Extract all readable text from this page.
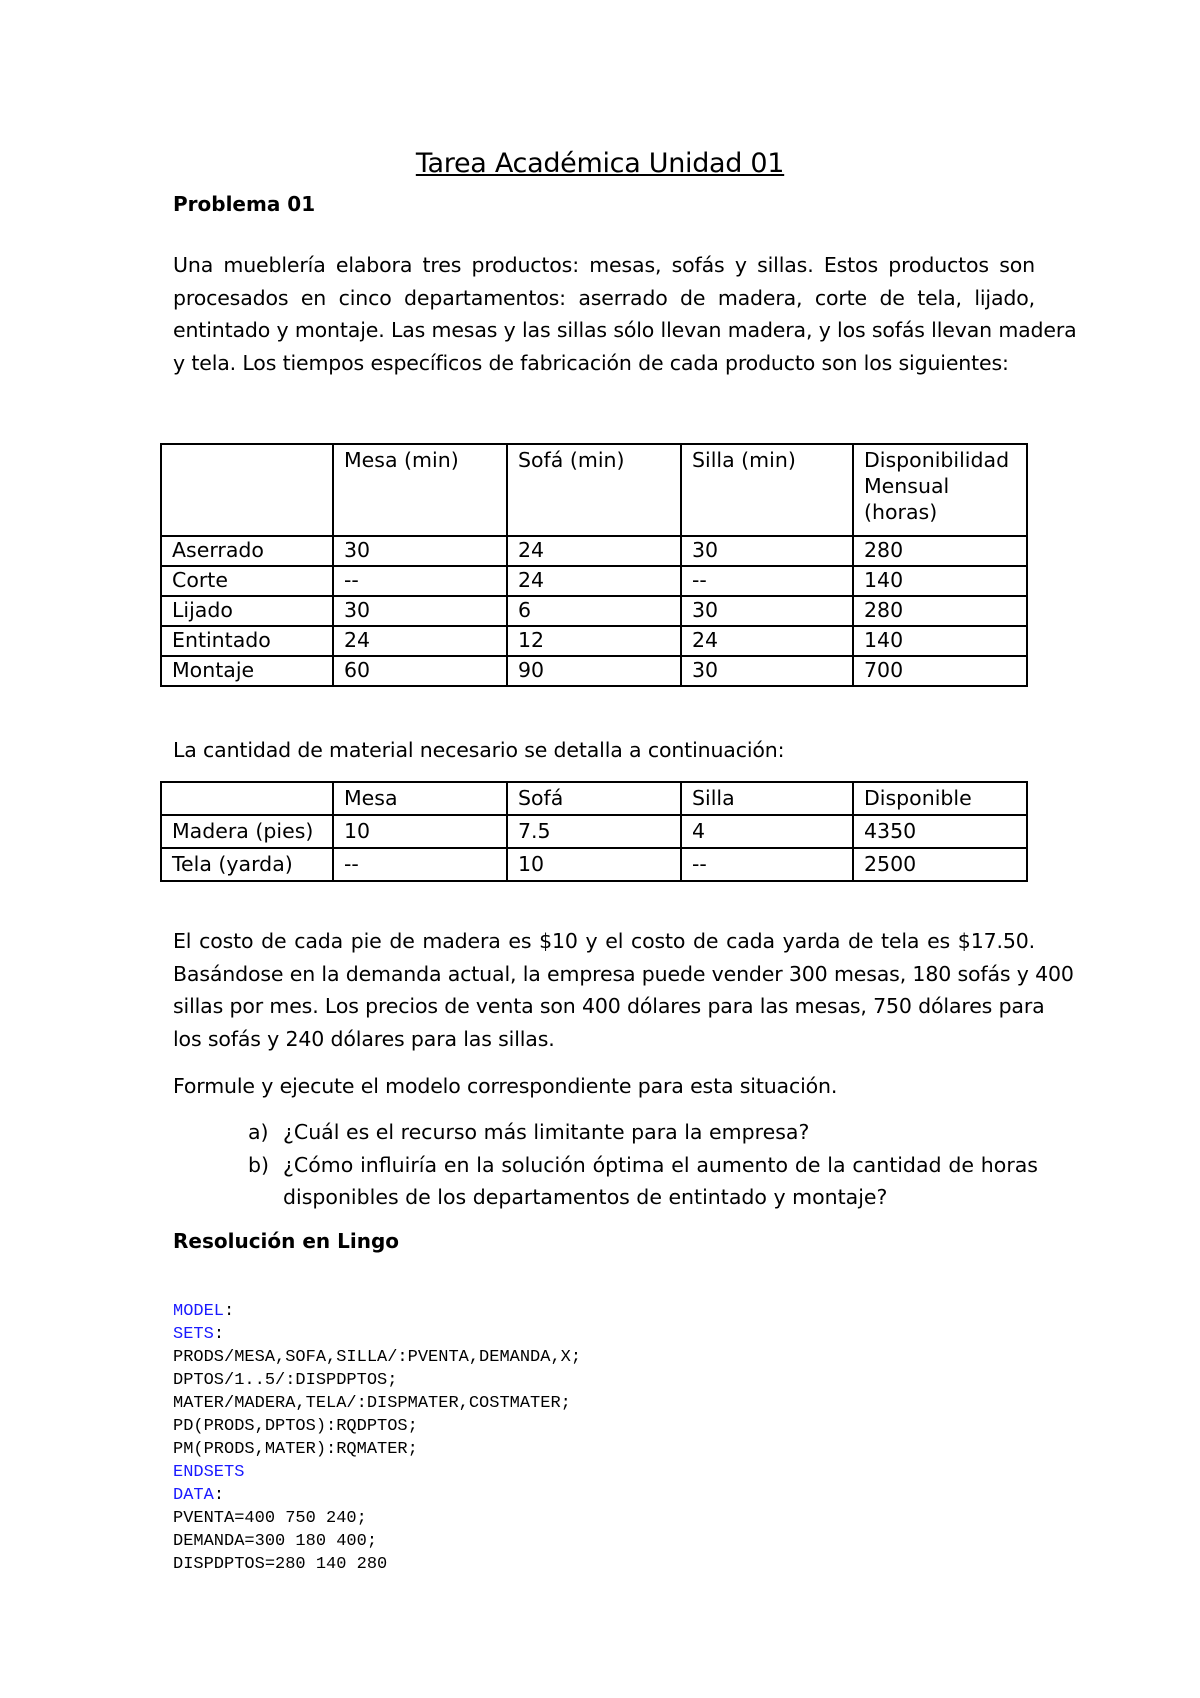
Tarea Académica Unidad 01
Problema 01
Una mueblería elabora tres productos: mesas, sofás y sillas. Estos productos son
procesados en cinco departamentos: aserrado de madera, corte de tela, lijado,
entintado y montaje. Las mesas y las sillas sólo llevan madera, y los sofás llevan madera
y tela. Los tiempos específicos de fabricación de cada producto son los siguientes:
	Mesa (min)	Sofá (min)	Silla (min)	Disponibilidad
Mensual
(horas)

Aserrado	30	24	30	280
Corte	--	24	--	140
Lijado	30	6	30	280
Entintado	24	12	24	140
Montaje	60	90	30	700
La cantidad de material necesario se detalla a continuación:
	Mesa	Sofá	Silla	Disponible
Madera (pies)	10	7.5	4	4350
Tela (yarda)	--	10	--	2500
El costo de cada pie de madera es $10 y el costo de cada yarda de tela es $17.50.
Basándose en la demanda actual, la empresa puede vender 300 mesas, 180 sofás y 400
sillas por mes. Los precios de venta son 400 dólares para las mesas, 750 dólares para
los sofás y 240 dólares para las sillas.
Formule y ejecute el modelo correspondiente para esta situación.
a) ¿Cuál es el recurso más limitante para la empresa?
b) ¿Cómo influiría en la solución óptima el aumento de la cantidad de horas
disponibles de los departamentos de entintado y montaje?
Resolución en Lingo

MODEL:
SETS:
PRODS/MESA,SOFA,SILLA/:PVENTA,DEMANDA,X;
DPTOS/1..5/:DISPDPTOS;
MATER/MADERA,TELA/:DISPMATER,COSTMATER;
PD(PRODS,DPTOS):RQDPTOS;
PM(PRODS,MATER):RQMATER;
ENDSETS
DATA:
PVENTA=400 750 240;
DEMANDA=300 180 400;
DISPDPTOS=280 140 280
